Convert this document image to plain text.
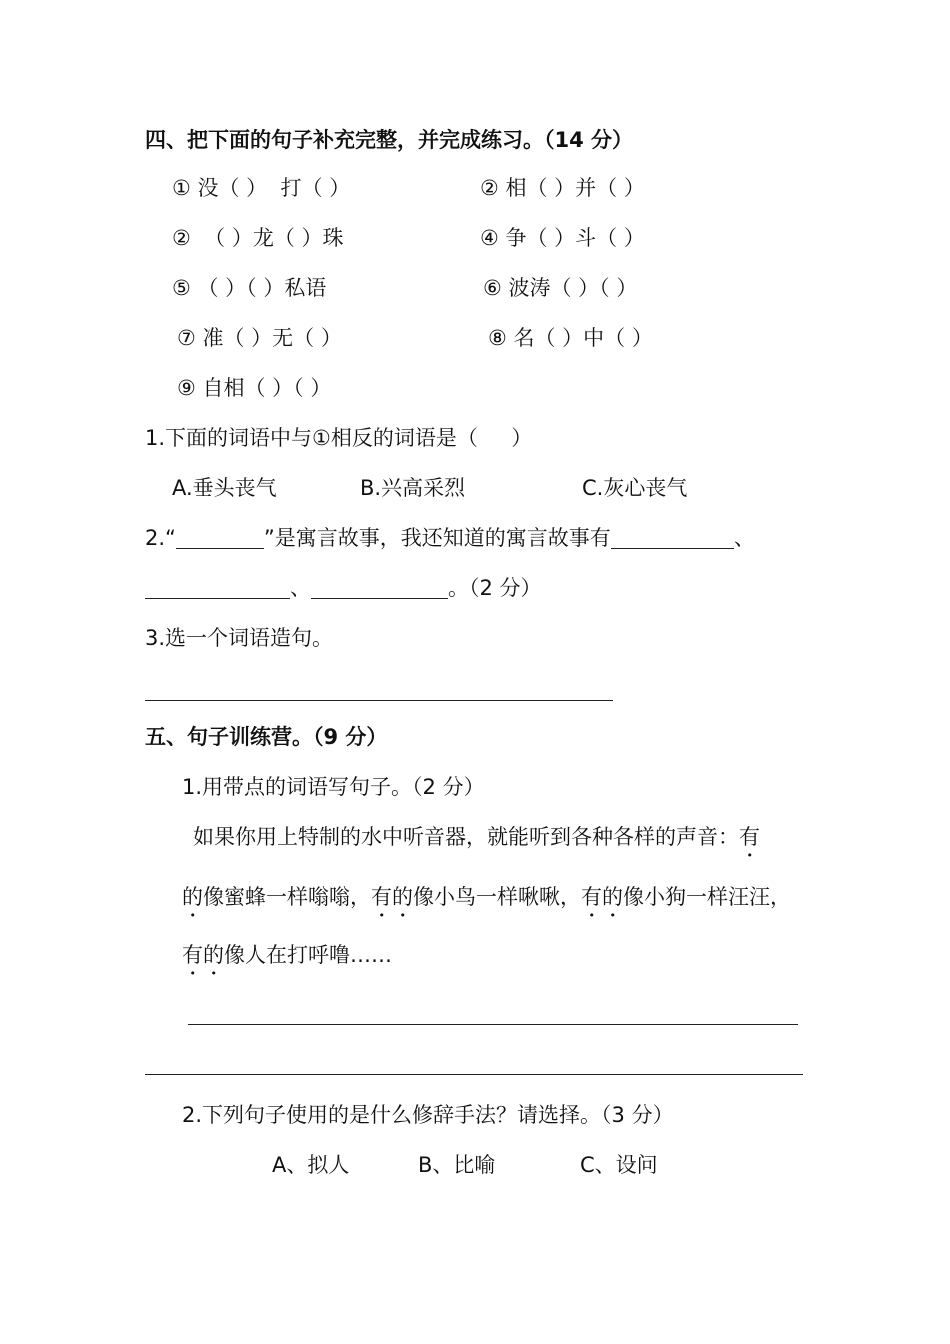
四、把下面的句子补充完整，并完成练习。（14 分）
① 没（ ）  打（ ）	② 相（ ）并（ ）
②  （ ）龙（ ）珠	④ 争（ ）斗（ ）
⑤ （ ）（ ）私语	⑥ 波涛（ ）（ ）
⑦ 准（ ）无（ ）	⑧ 名（ ）中（ ）
⑨ 自相（ ）（ ）
1.下面的词语中与①相反的词语是（     ）
A.垂头丧气	B.兴高采烈	C.灰心丧气
2.“	”是寓言故事，我还知道的寓言故事有	、
、	。（2 分）
3.选一个词语造句。
五、句子训练营。（9 分）
1.用带点的词语写句子。（2 分）
如果你用上特制的水中听音器，就能听到各种各样的声音：有
的像蜜蜂一样嗡嗡，有的像小鸟一样啾啾，有的像小狗一样汪汪，
有的像人在打呼噜……
2.下列句子使用的是什么修辞手法？请选择。（3 分）
A、拟人	B、比喻	C、设问
